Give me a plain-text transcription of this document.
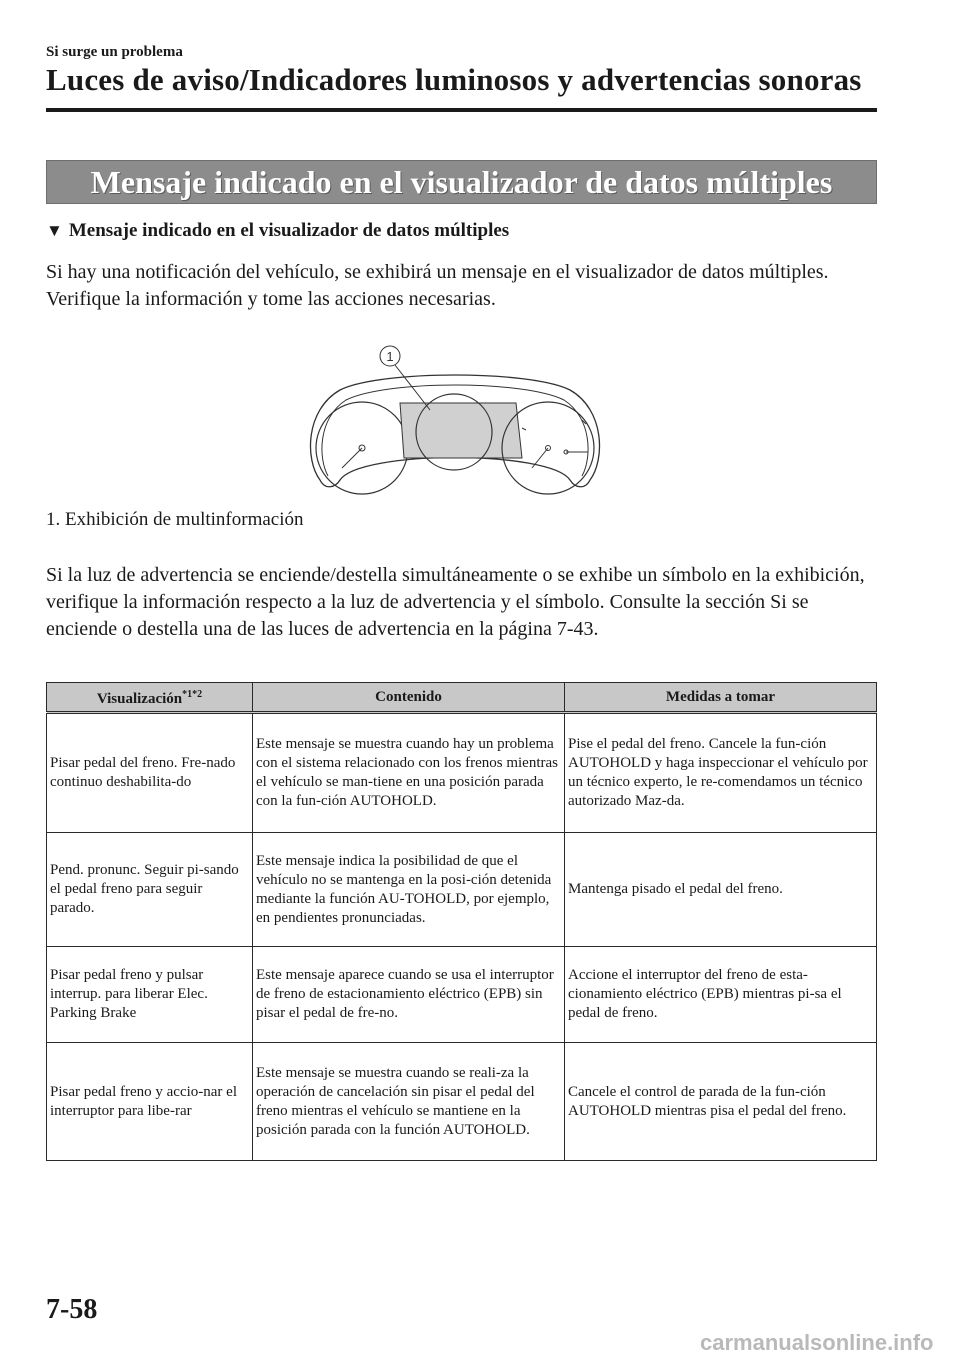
Si surge un problema
Luces de aviso/Indicadores luminosos y advertencias sonoras
Mensaje indicado en el visualizador de datos múltiples
▼ Mensaje indicado en el visualizador de datos múltiples
Si hay una notificación del vehículo, se exhibirá un mensaje en el visualizador de datos múltiples. Verifique la información y tome las acciones necesarias.
1
1. Exhibición de multinformación
Si la luz de advertencia se enciende/destella simultáneamente o se exhibe un símbolo en la exhibición, verifique la información respecto a la luz de advertencia y el símbolo. Consulte la sección Si se enciende o destella una de las luces de advertencia en la página 7-43.
Visualización$^{*1*2}$	Contenido	Medidas a tomar
Pisar pedal del freno. Fre-nado continuo deshabilita-do	Este mensaje se muestra cuando hay un problema con el sistema relacionado con los frenos mientras el vehículo se man-tiene en una posición parada con la fun-ción AUTOHOLD.	Pise el pedal del freno. Cancele la fun-ción AUTOHOLD y haga inspeccionar el vehículo por un técnico experto, le re-comendamos un técnico autorizado Maz-da.
Pend. pronunc. Seguir pi-sando el pedal freno para seguir parado.	Este mensaje indica la posibilidad de que el vehículo no se mantenga en la posi-ción detenida mediante la función AU-TOHOLD, por ejemplo, en pendientes pronunciadas.	Mantenga pisado el pedal del freno.
Pisar pedal freno y pulsar interrup. para liberar Elec. Parking Brake	Este mensaje aparece cuando se usa el interruptor de freno de estacionamiento eléctrico (EPB) sin pisar el pedal de fre-no.	Accione el interruptor del freno de esta-cionamiento eléctrico (EPB) mientras pi-sa el pedal de freno.
Pisar pedal freno y accio-nar el interruptor para libe-rar	Este mensaje se muestra cuando se reali-za la operación de cancelación sin pisar el pedal del freno mientras el vehículo se mantiene en la posición parada con la función AUTOHOLD.	Cancele el control de parada de la fun-ción AUTOHOLD mientras pisa el pedal del freno.
7-58
carmanualsonline.info
